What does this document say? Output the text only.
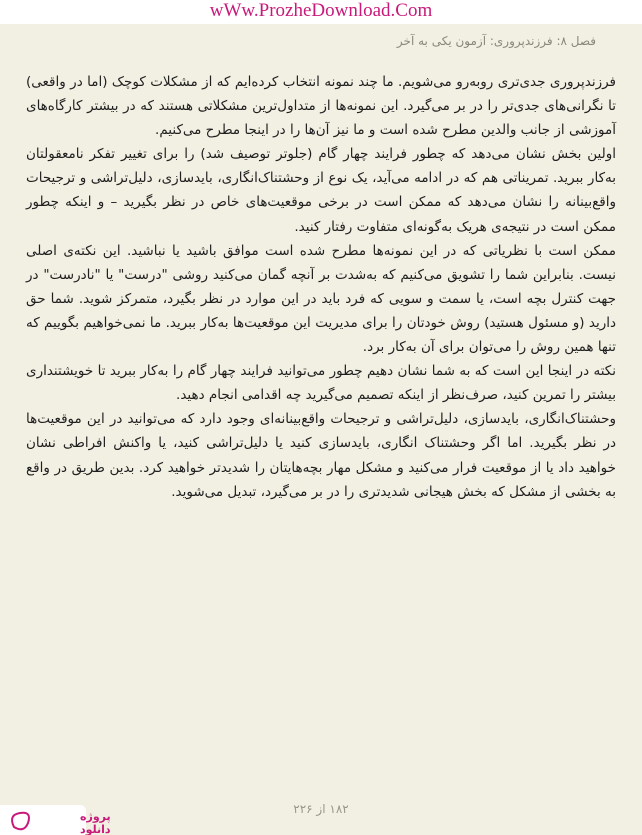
wWw.ProzheDownload.Com
فصل ۸: فرزندپروری: آزمون یکی به آخر

فرزندپروری جدی‌تری روبه‌رو می‌شویم. ما چند نمونه انتخاب کرده‌ایم که از مشکلات کوچک (اما در واقعی) تا نگرانی‌های جدی‌تر را در بر می‌گیرد. این نمونه‌ها از متداول‌ترین مشکلاتی هستند که در بیشتر کارگاه‌های آموزشی از جانب والدین مطرح شده است و ما نیز آن‌ها را در اینجا مطرح می‌کنیم.

اولین بخش نشان می‌دهد که چطور فرایند چهار گام (جلوتر توصیف شد) را برای تغییر تفکر نامعقولتان به‌کار ببرید. تمریناتی هم که در ادامه می‌آید، یک نوع از وحشتناک‌انگاری، بایدسازی، دلیل‌تراشی و ترجیحات واقع‌بینانه را نشان می‌دهد که ممکن است در برخی موقعیت‌های خاص در نظر بگیرید – و اینکه چطور ممکن است در نتیجه‌ی هریک به‌گونه‌ای متفاوت رفتار کنید.

ممکن است با نظریاتی که در این نمونه‌ها مطرح شده است موافق باشید یا نباشید. این نکته‌ی اصلی نیست. بنابراین شما را تشویق می‌کنیم که به‌شدت بر آنچه گمان می‌کنید روشی "درست" یا "نادرست" در جهت کنترل بچه است، یا سمت و سویی که فرد باید در این موارد در نظر بگیرد، متمرکز شوید. شما حق دارید (و مسئول هستید) روش خودتان را برای مدیریت این موقعیت‌ها به‌کار ببرید. ما نمی‌خواهیم بگوییم که تنها همین روش را می‌توان برای آن به‌کار برد.

نکته در اینجا این است که به شما نشان دهیم چطور می‌توانید فرایند چهار گام را به‌کار ببرید تا خویشتنداری بیشتر را تمرین کنید، صرف‌نظر از اینکه تصمیم می‌گیرید چه اقدامی انجام دهید.

وحشتناک‌انگاری، بایدسازی، دلیل‌تراشی و ترجیحات واقع‌بینانه‌ای وجود دارد که می‌توانید در این موقعیت‌ها در نظر بگیرید. اما اگر وحشتناک انگاری، بایدسازی کنید یا دلیل‌تراشی کنید، یا واکنش افراطی نشان خواهید داد یا از موقعیت فرار می‌کنید و مشکل مهار بچه‌هایتان را شدیدتر خواهید کرد. بدین طریق در واقع به بخشی از مشکل که بخش هیجانی شدیدتری را در بر می‌گیرد، تبدیل می‌شوید.

۱۸۲ از ۲۲۶
پروژه
دانلود
